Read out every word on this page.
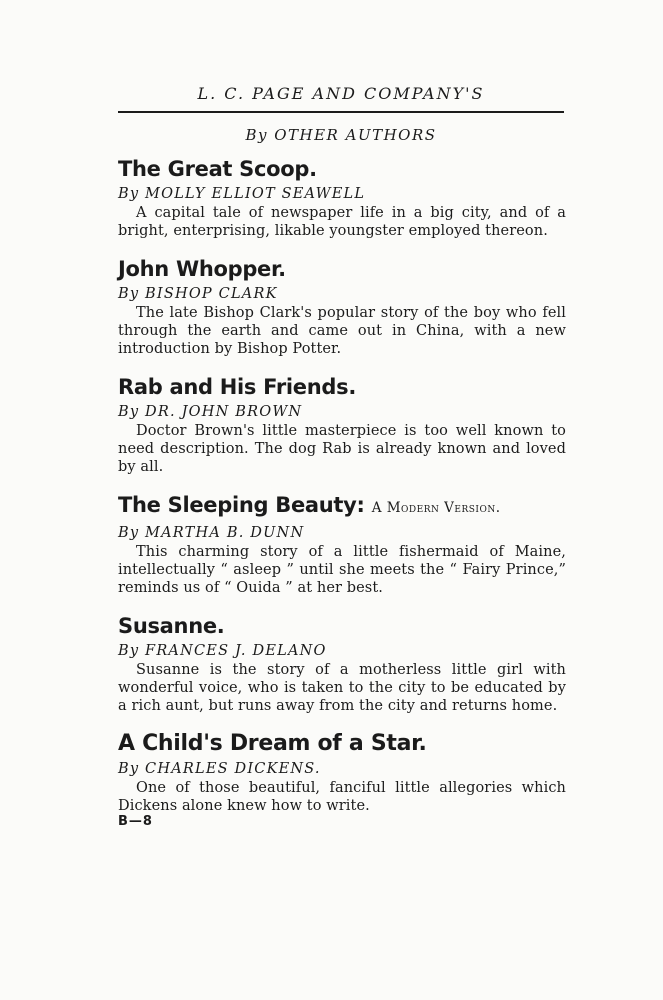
L. C. PAGE AND COMPANY'S
By OTHER AUTHORS
The Great Scoop.
By MOLLY ELLIOT SEAWELL
A capital tale of newspaper life in a big city, and of a bright, enterprising, likable youngster employed thereon.
John Whopper.
By BISHOP CLARK
The late Bishop Clark's popular story of the boy who fell through the earth and came out in China, with a new introduction by Bishop Potter.
Rab and His Friends.
By DR. JOHN BROWN
Doctor Brown's little masterpiece is too well known to need description. The dog Rab is already known and loved by all.
The Sleeping Beauty: A Modern Version.
By MARTHA B. DUNN
This charming story of a little fishermaid of Maine, intellectually “ asleep ” until she meets the “ Fairy Prince,” reminds us of “ Ouida ” at her best.
Susanne.
By FRANCES J. DELANO
Susanne is the story of a motherless little girl with wonderful voice, who is taken to the city to be educated by a rich aunt, but runs away from the city and returns home.
A Child's Dream of a Star.
By CHARLES DICKENS.
One of those beautiful, fanciful little allegories which Dickens alone knew how to write.
B—8
